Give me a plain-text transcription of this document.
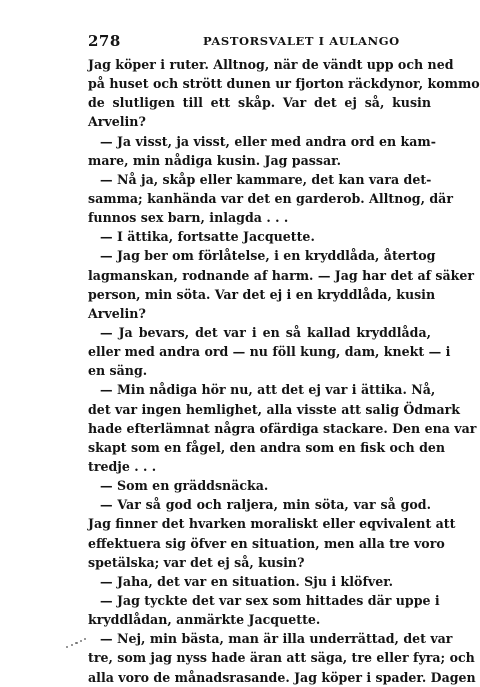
278	PASTORSVALET I AULANGO
Jag köper i ruter. Alltnog, när de vändt upp och ned
på huset och strött dunen ur fjorton räckdynor, kommo
de slutligen till ett skåp. Var det ej så, kusin
Arvelin?
— Ja visst, ja visst, eller med andra ord en kam-
mare, min nådiga kusin. Jag passar.
— Nå ja, skåp eller kammare, det kan vara det-
samma; kanhända var det en garderob. Alltnog, där
funnos sex barn, inlagda . . .
— I ättika, fortsatte Jacquette.
— Jag ber om förlåtelse, i en kryddlåda, återtog
lagmanskan, rodnande af harm. — Jag har det af säker
person, min söta. Var det ej i en kryddlåda, kusin
Arvelin?
— Ja bevars, det var i en så kallad kryddlåda,
eller med andra ord — nu föll kung, dam, knekt — i
en säng.
— Min nådiga hör nu, att det ej var i ättika. Nå,
det var ingen hemlighet, alla visste att salig Ödmark
hade efterlämnat några ofärdiga stackare. Den ena var
skapt som en fågel, den andra som en fisk och den
tredje . . .
— Som en gräddsnäcka.
— Var så god och raljera, min söta, var så god.
Jag finner det hvarken moraliskt eller eqvivalent att
effektuera sig öfver en situation, men alla tre voro
spetälska; var det ej så, kusin?
— Jaha, det var en situation. Sju i klöfver.
— Jag tyckte det var sex som hittades där uppe i
kryddlådan, anmärkte Jacquette.
— Nej, min bästa, man är illa underrättad, det var
tre, som jag nyss hade äran att säga, tre eller fyra; och
alla voro de månadsrasande. Jag köper i spader. Dagen
